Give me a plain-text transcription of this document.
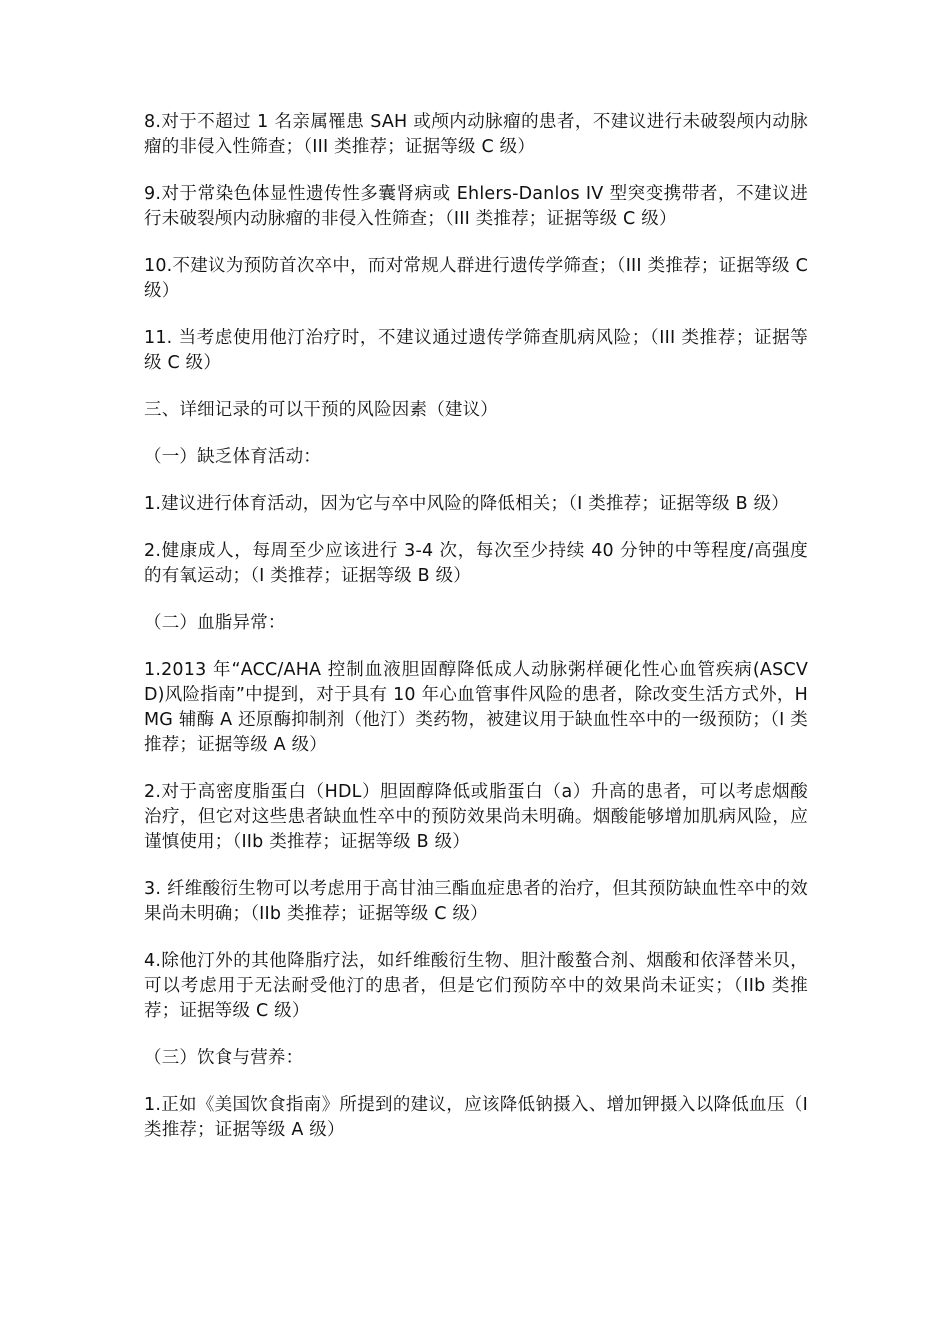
8.对于不超过 1 名亲属罹患 SAH 或颅内动脉瘤的患者，不建议进行未破裂颅内动脉瘤的非侵入性筛查；（III 类推荐；证据等级 C 级）

9.对于常染色体显性遗传性多囊肾病或 Ehlers-Danlos IV 型突变携带者，不建议进行未破裂颅内动脉瘤的非侵入性筛查；（III 类推荐；证据等级 C 级）

10.不建议为预防首次卒中，而对常规人群进行遗传学筛查；（III 类推荐；证据等级 C 级）

11. 当考虑使用他汀治疗时，不建议通过遗传学筛查肌病风险；（III 类推荐；证据等级 C 级）

三、详细记录的可以干预的风险因素（建议）

（一）缺乏体育活动：

1.建议进行体育活动，因为它与卒中风险的降低相关；（I 类推荐；证据等级 B 级）

2.健康成人，每周至少应该进行 3-4 次，每次至少持续 40 分钟的中等程度/高强度的有氧运动；（I 类推荐；证据等级 B 级）

（二）血脂异常：

1.2013 年“ACC/AHA 控制血液胆固醇降低成人动脉粥样硬化性心血管疾病(ASCVD)风险指南”中提到，对于具有 10 年心血管事件风险的患者，除改变生活方式外，HMG 辅酶 A 还原酶抑制剂（他汀）类药物，被建议用于缺血性卒中的一级预防；（I 类推荐；证据等级 A 级）

2.对于高密度脂蛋白（HDL）胆固醇降低或脂蛋白（a）升高的患者，可以考虑烟酸治疗，但它对这些患者缺血性卒中的预防效果尚未明确。烟酸能够增加肌病风险，应谨慎使用；（IIb 类推荐；证据等级 B 级）

3. 纤维酸衍生物可以考虑用于高甘油三酯血症患者的治疗，但其预防缺血性卒中的效果尚未明确；（IIb 类推荐；证据等级 C 级）

4.除他汀外的其他降脂疗法，如纤维酸衍生物、胆汁酸螯合剂、烟酸和依泽替米贝，可以考虑用于无法耐受他汀的患者，但是它们预防卒中的效果尚未证实；（IIb 类推荐；证据等级 C 级）

（三）饮食与营养：

1.正如《美国饮食指南》所提到的建议，应该降低钠摄入、增加钾摄入以降低血压（Ⅰ类推荐；证据等级 A 级）
